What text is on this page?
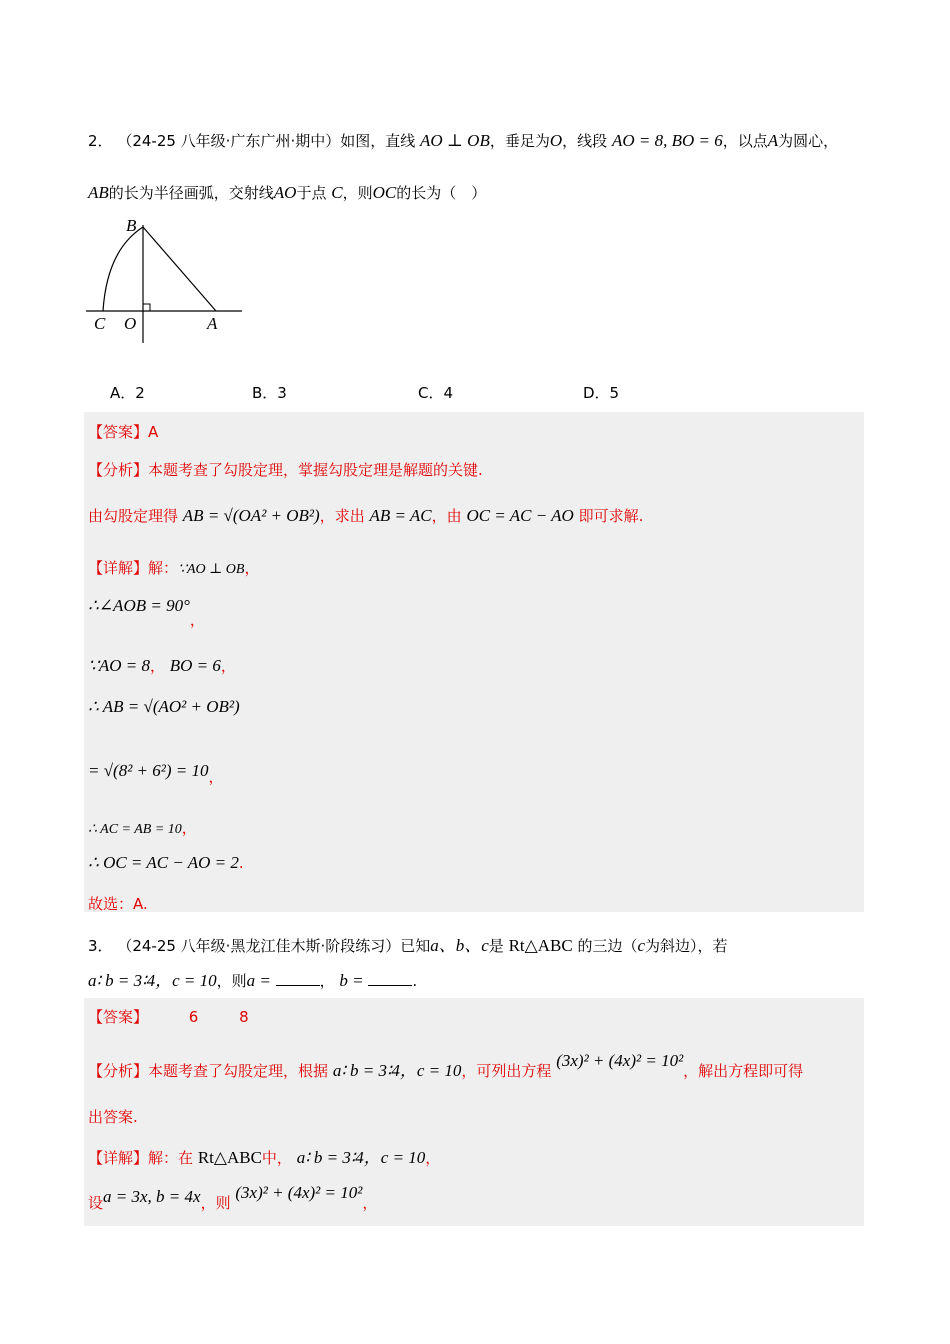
2． （24-25 八年级·广东广州·期中）如图，直线 AO ⊥ OB，垂足为O，线段 AO = 8, BO = 6，以点A为圆心，
AB的长为半径画弧，交射线AO于点 C，则OC的长为（　）
B
C O	A
A．2	B．3	C．4	D．5
【答案】A
【分析】本题考查了勾股定理，掌握勾股定理是解题的关键.
由勾股定理得 AB = √(OA² + OB²)，求出 AB = AC，由 OC = AC − AO 即可求解.
【详解】解：∵AO ⊥ OB，
∴∠AOB = 90°，
∵AO = 8， BO = 6，
∴ AB = √(AO² + OB²)
= √(8² + 6²) = 10，
∴ AC = AB = 10，
∴ OC = AC − AO = 2.
故选：A.
3． （24-25 八年级·黑龙江佳木斯·阶段练习）已知a、b、c是 Rt△ABC 的三边（c为斜边），若
a∶ b = 3∶4，c = 10，则a =	， b =	.
【答案】	6	8
【分析】本题考查了勾股定理，根据 a∶ b = 3∶4，c = 10，可列出方程 (3x)² + (4x)² = 10²，解出方程即可得
出答案.
【详解】解：在 Rt△ABC中， a∶ b = 3∶4，c = 10，
设a = 3x, b = 4x，则 (3x)² + (4x)² = 10²，
